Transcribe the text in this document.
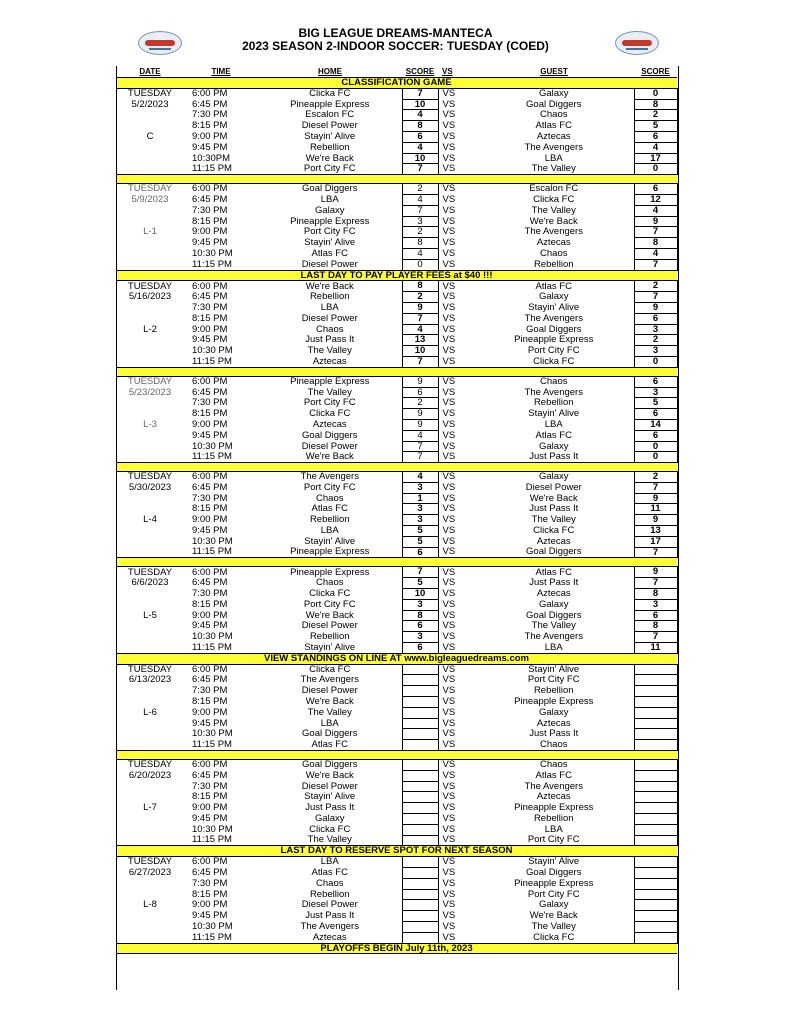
BIG LEAGUE DREAMS-MANTECA
2023 SEASON 2-INDOOR SOCCER: TUESDAY (COED)
DATE	TIME	HOME	SCORE	VS	GUEST	SCORE
CLASSIFICATION GAME						
TUESDAY	6:00 PM	Clicka FC	7	VS	Galaxy	0
5/2/2023	6:45 PM	Pineapple Express	10	VS	Goal Diggers	8
	7:30 PM	Escalon FC	4	VS	Chaos	2
	8:15 PM	Diesel Power	8	VS	Atlas FC	5
C	9:00 PM	Stayin' Alive	6	VS	Aztecas	6
	9:45 PM	Rebellion	4	VS	The Avengers	4
	10:30PM	We're Back	10	VS	LBA	17
	11:15 PM	Port City FC	7	VS	The Valley	0

TUESDAY	6:00 PM	Goal Diggers	2	VS	Escalon FC	6
5/9/2023	6:45 PM	LBA	4	VS	Clicka FC	12
	7:30 PM	Galaxy	7	VS	The Valley	4
	8:15 PM	Pineapple Express	3	VS	We're Back	9
L-1	9:00 PM	Port City FC	2	VS	The Avengers	7
	9:45 PM	Stayin' Alive	8	VS	Aztecas	8
	10:30 PM	Atlas FC	4	VS	Chaos	4
	11:15 PM	Diesel Power	0	VS	Rebellion	7
LAST DAY TO PAY PLAYER FEES at $40 !!!						
TUESDAY	6:00 PM	We're Back	8	VS	Atlas FC	2
5/16/2023	6:45 PM	Rebellion	2	VS	Galaxy	7
	7:30 PM	LBA	9	VS	Stayin' Alive	9
	8:15 PM	Diesel Power	7	VS	The Avengers	6
L-2	9:00 PM	Chaos	4	VS	Goal Diggers	3
	9:45 PM	Just Pass It	13	VS	Pineapple Express	2
	10:30 PM	The Valley	10	VS	Port City FC	3
	11:15 PM	Aztecas	7	VS	Clicka FC	0

TUESDAY	6:00 PM	Pineapple Express	9	VS	Chaos	6
5/23/2023	6:45 PM	The Valley	6	VS	The Avengers	3
	7:30 PM	Port City FC	2	VS	Rebellion	5
	8:15 PM	Clicka FC	9	VS	Stayin' Alive	6
L-3	9:00 PM	Aztecas	9	VS	LBA	14
	9:45 PM	Goal Diggers	4	VS	Atlas FC	6
	10:30 PM	Diesel Power	7	VS	Galaxy	0
	11:15 PM	We're Back	7	VS	Just Pass It	0

TUESDAY	6:00 PM	The Avengers	4	VS	Galaxy	2
5/30/2023	6:45 PM	Port City FC	3	VS	Diesel Power	7
	7:30 PM	Chaos	1	VS	We're Back	9
	8:15 PM	Atlas FC	3	VS	Just Pass It	11
L-4	9:00 PM	Rebellion	3	VS	The Valley	9
	9:45 PM	LBA	5	VS	Clicka FC	13
	10:30 PM	Stayin' Alive	5	VS	Aztecas	17
	11:15 PM	Pineapple Express	6	VS	Goal Diggers	7

TUESDAY	6:00 PM	Pineapple Express	7	VS	Atlas FC	9
6/6/2023	6:45 PM	Chaos	5	VS	Just Pass It	7
	7:30 PM	Clicka FC	10	VS	Aztecas	8
	8:15 PM	Port City FC	3	VS	Galaxy	3
L-5	9:00 PM	We're Back	8	VS	Goal Diggers	6
	9:45 PM	Diesel Power	6	VS	The Valley	8
	10:30 PM	Rebellion	3	VS	The Avengers	7
	11:15 PM	Stayin' Alive	6	VS	LBA	11
VIEW STANDINGS ON LINE AT www.bigleaguedreams.com						
TUESDAY	6:00 PM	Clicka FC		VS	Stayin' Alive	
6/13/2023	6:45 PM	The Avengers		VS	Port City FC	
	7:30 PM	Diesel Power		VS	Rebellion	
	8:15 PM	We're Back		VS	Pineapple Express	
L-6	9:00 PM	The Valley		VS	Galaxy	
	9:45 PM	LBA		VS	Aztecas	
	10:30 PM	Goal Diggers		VS	Just Pass It	
	11:15 PM	Atlas FC		VS	Chaos	

TUESDAY	6:00 PM	Goal Diggers		VS	Chaos	
6/20/2023	6:45 PM	We're Back		VS	Atlas FC	
	7:30 PM	Diesel Power		VS	The Avengers	
	8:15 PM	Stayin' Alive		VS	Aztecas	
L-7	9:00 PM	Just Pass It		VS	Pineapple Express	
	9:45 PM	Galaxy		VS	Rebellion	
	10:30 PM	Clicka FC		VS	LBA	
	11:15 PM	The Valley		VS	Port City FC	
LAST DAY TO RESERVE SPOT FOR NEXT SEASON						
TUESDAY	6:00 PM	LBA		VS	Stayin' Alive	
6/27/2023	6:45 PM	Atlas FC		VS	Goal Diggers	
	7:30 PM	Chaos		VS	Pineapple Express	
	8:15 PM	Rebellion		VS	Port City FC	
L-8	9:00 PM	Diesel Power		VS	Galaxy	
	9:45 PM	Just Pass It		VS	We're Back	
	10:30 PM	The Avengers		VS	The Valley	
	11:15 PM	Aztecas		VS	Clicka FC	
PLAYOFFS BEGIN July 11th, 2023						
